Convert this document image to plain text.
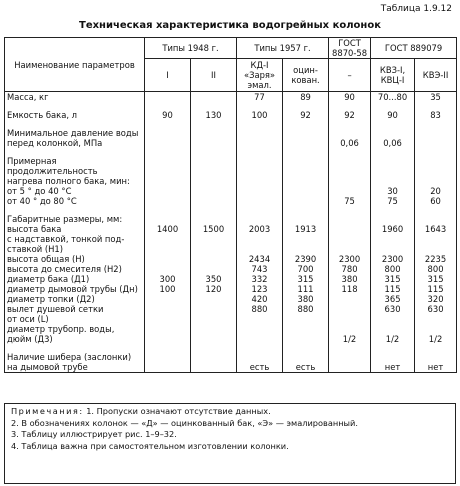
Таблица 1.9.12
Техническая характеристика водогрейных колонок
Наименование параметров	Типы 1948 г.		Типы 1957 г.		ГОСТ 8870-58	ГОСТ 889079	
	I	II	КД-I «Заря» эмал.	оцин-кован.	–	КВЗ-I, КВЦ-I	КВЭ-II
Масса, кг			77	89	90	70...80	35

Емкость бака, л	90	130	100	92	92	90	83

Минимальное давление воды							
перед колонкой, МПа					0,06	0,06	

Примерная продолжительность							
нагрева полного бака, мин:							
от 5 ° до 40 °C						30	20
от 40 ° до 80 °C					75	75	60

Габаритные размеры, мм:							
высота бака	1400	1500	2003	1913		1960	1643
с надставкой, тонкой под-							
ставкой (Н1)							
высота общая (Н)			2434	2390	2300	2300	2235
высота до смесителя (Н2)			743	700	780	800	800
диаметр бака (Д1)	300	350	332	315	380	315	315
диаметр дымовой трубы (Дн)	100	120	123	111	118	115	115
диаметр топки (Д2)			420	380		365	320
вылет душевой сетки			880	880		630	630
от оси (L)							
диаметр трубопр. воды,							
дюйм (Д3)					1/2	1/2	1/2

Наличие шибера (заслонки)							
на дымовой трубе			есть	есть		нет	нет
Примечания: 1. Пропуски означают отсутствие данных.
2. В обозначениях колонок — «Д» — оцинкованный бак, «Э» — эмалированный.
3. Таблицу иллюстрирует рис. 1–9–32.
4. Таблица важна при самостоятельном изготовлении колонки.
